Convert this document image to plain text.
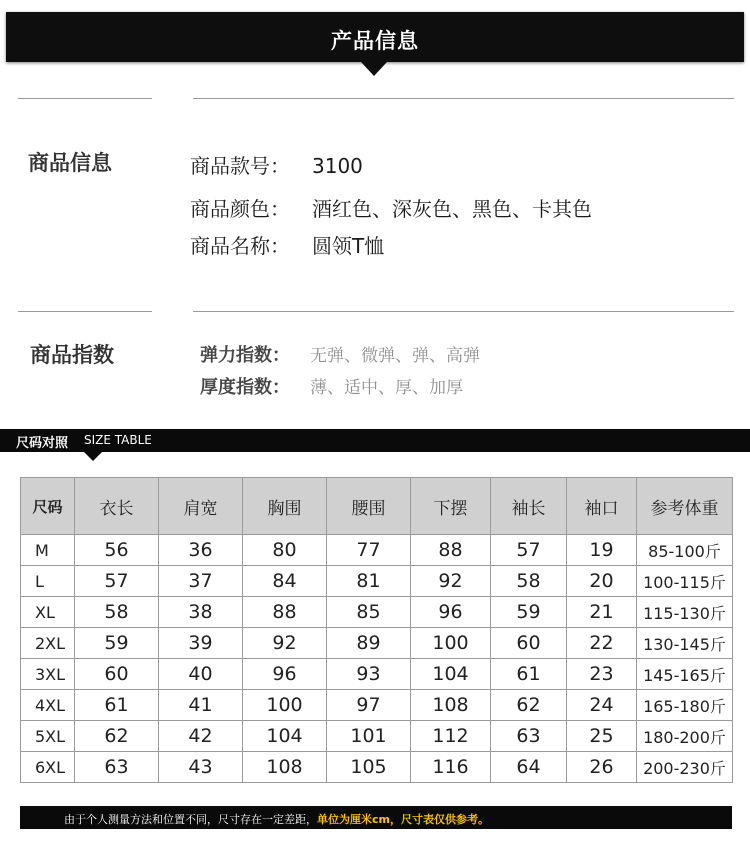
产品信息
商品信息	商品款号： 3100
商品颜色： 酒红色、深灰色、黑色、卡其色
商品名称： 圆领T恤
商品指数	弹力指数： 无弹、微弹、弹、高弹
厚度指数： 薄、适中、厚、加厚
尺码对照 SIZE TABLE
尺码	衣长	肩宽	胸围	腰围	下摆	袖长	袖口	参考体重
M	56	36	80	77	88	57	19	85-100斤
L	57	37	84	81	92	58	20	100-115斤
XL	58	38	88	85	96	59	21	115-130斤
2XL	59	39	92	89	100	60	22	130-145斤
3XL	60	40	96	93	104	61	23	145-165斤
4XL	61	41	100	97	108	62	24	165-180斤
5XL	62	42	104	101	112	63	25	180-200斤
6XL	63	43	108	105	116	64	26	200-230斤
由于个人测量方法和位置不同，尺寸存在一定差距，单位为厘米cm，尺寸表仅供参考。
